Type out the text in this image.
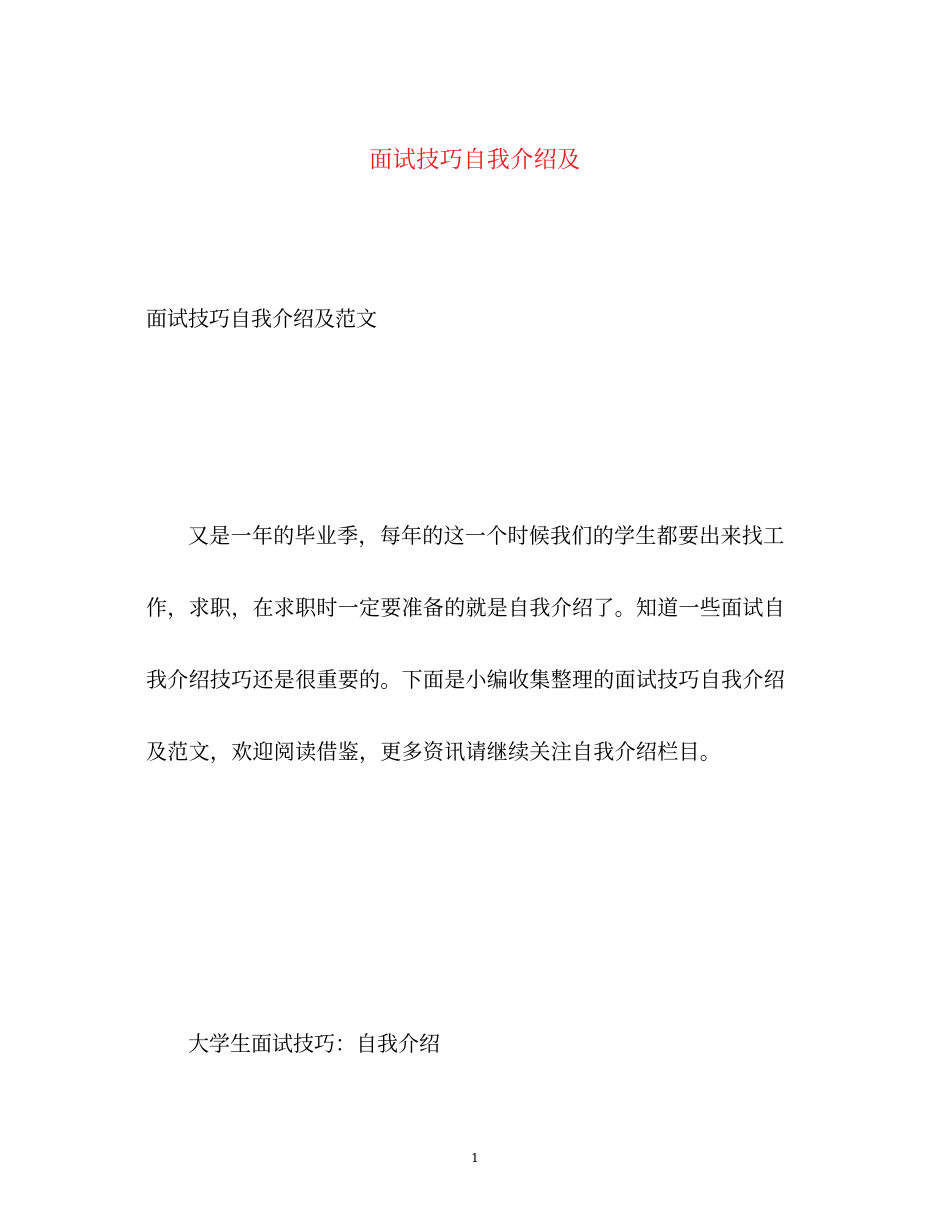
面试技巧自我介绍及
面试技巧自我介绍及范文
又是一年的毕业季，每年的这一个时候我们的学生都要出来找工
作，求职，在求职时一定要准备的就是自我介绍了。知道一些面试自
我介绍技巧还是很重要的。下面是小编收集整理的面试技巧自我介绍
及范文，欢迎阅读借鉴，更多资讯请继续关注自我介绍栏目。
大学生面试技巧：自我介绍
1
